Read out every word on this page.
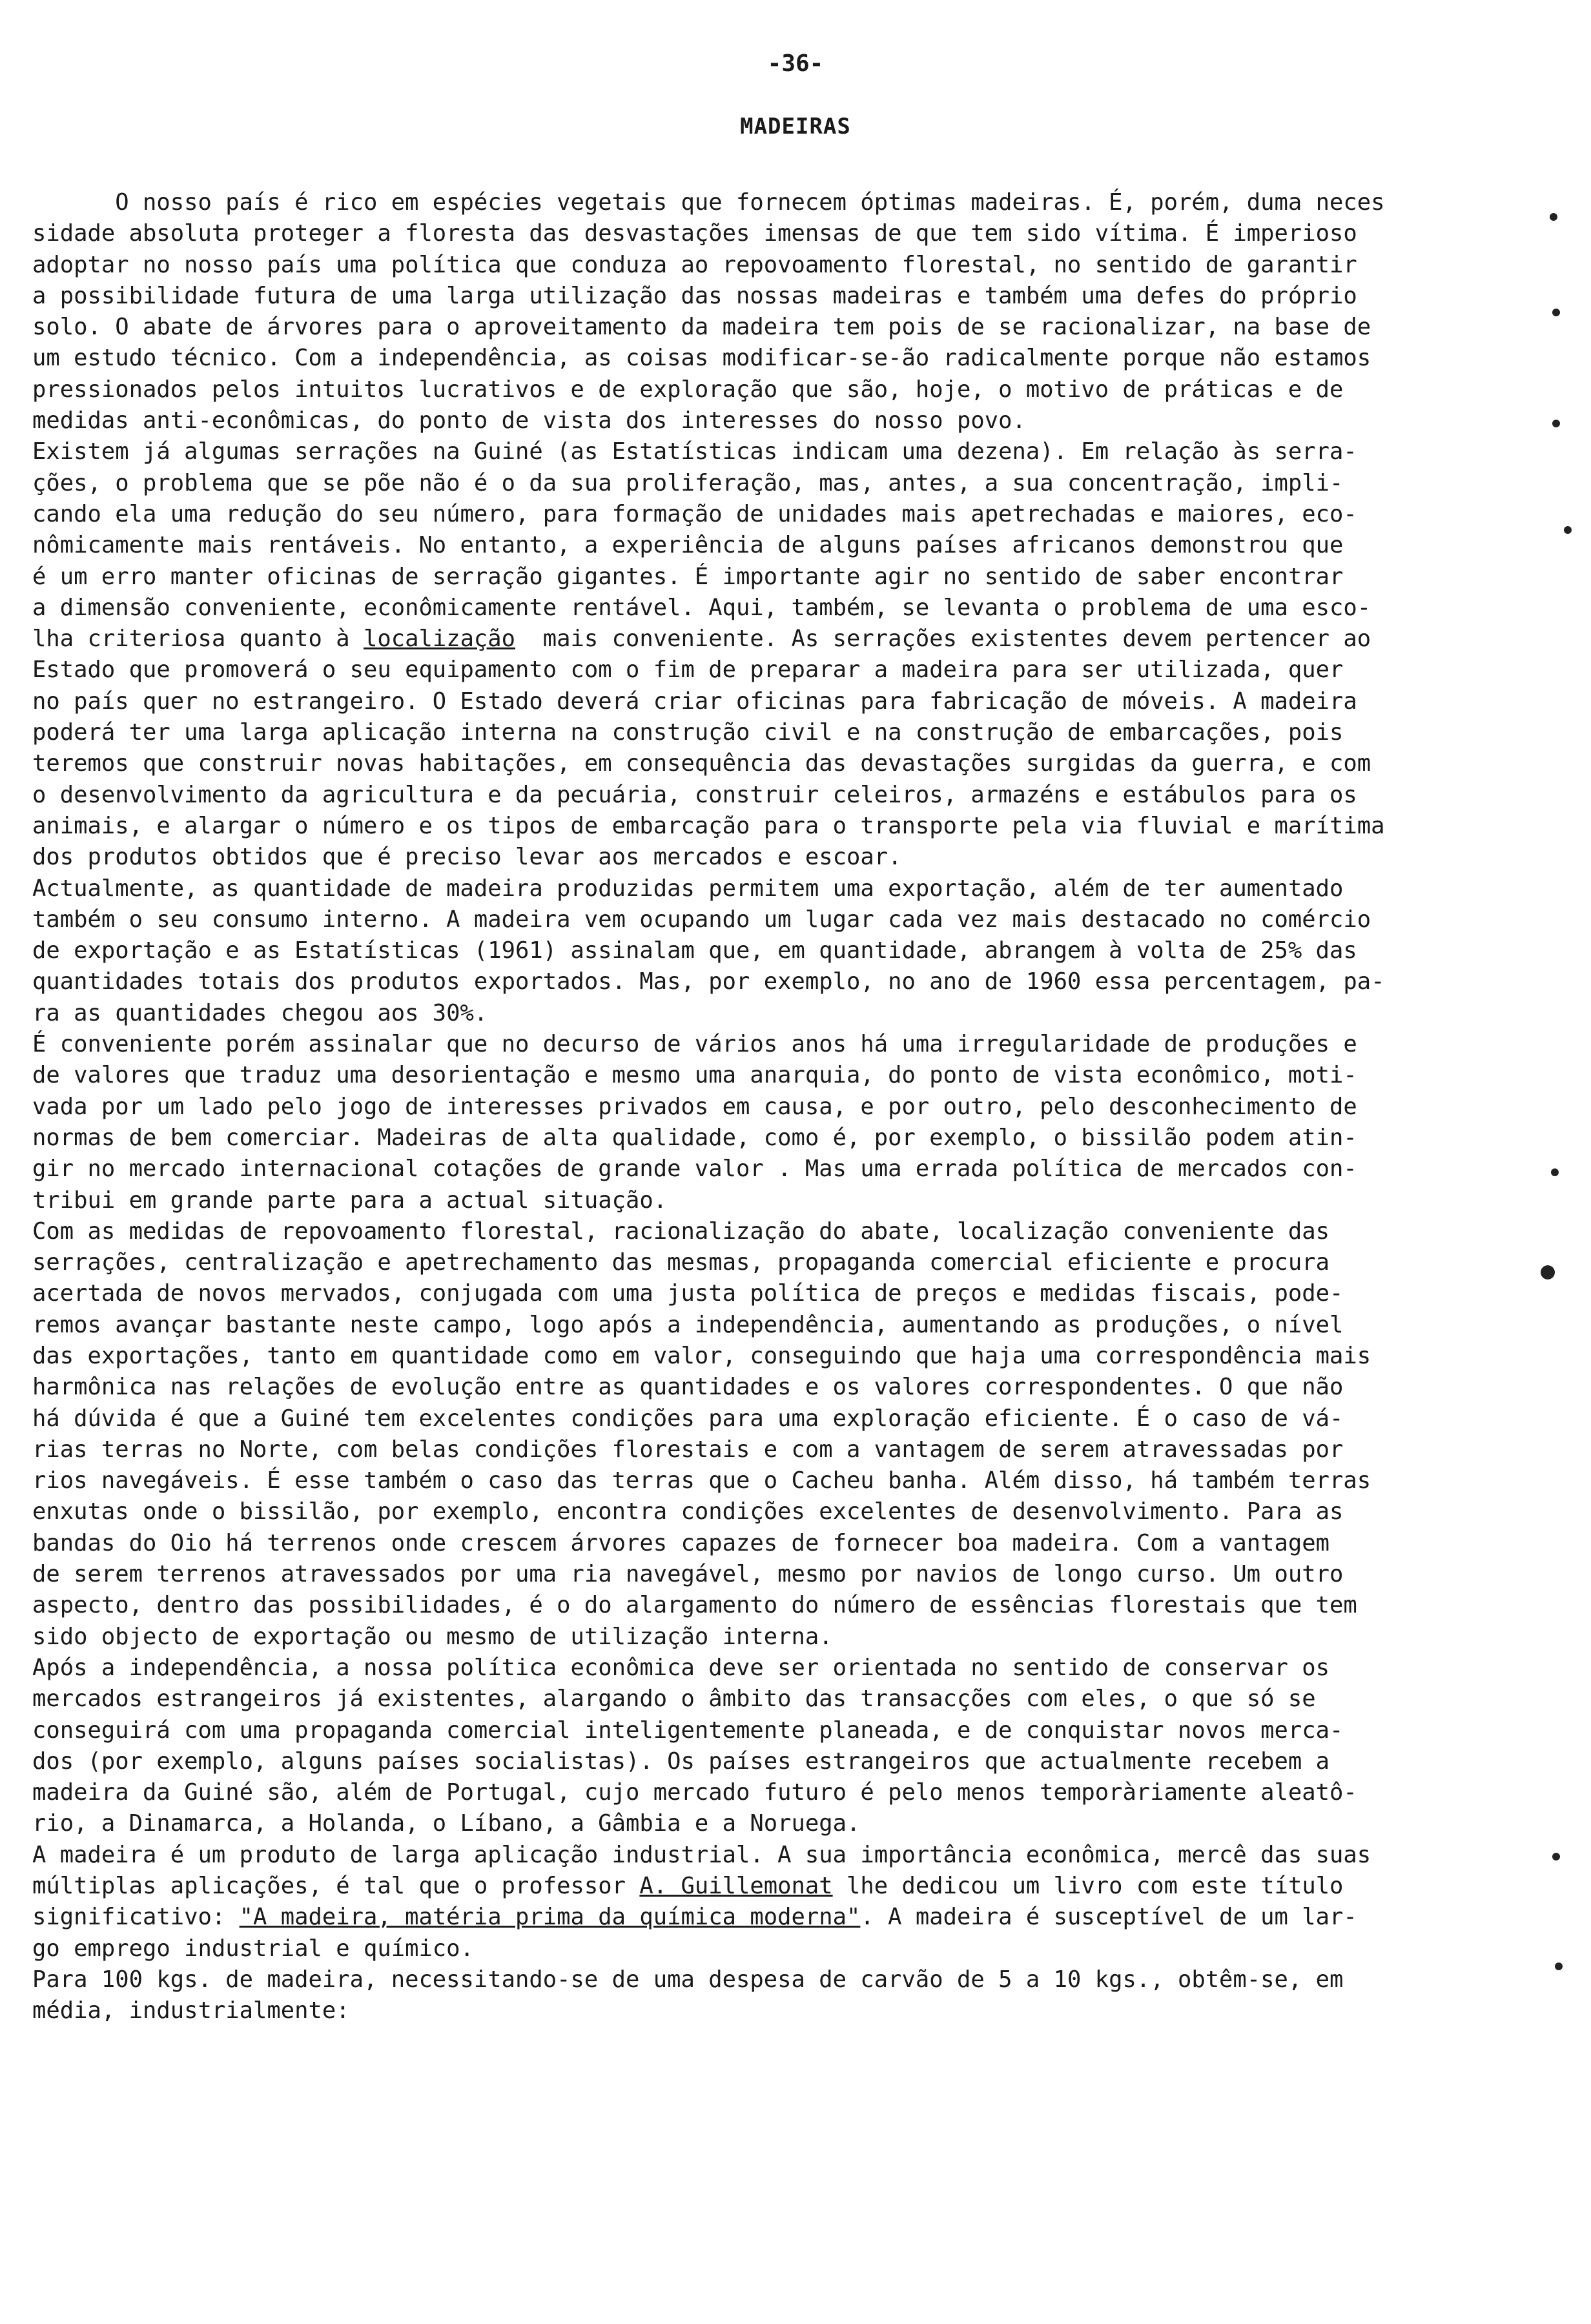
-36-
MADEIRAS
O nosso país é rico em espécies vegetais que fornecem óptimas madeiras. É, porém, duma neces
sidade absoluta proteger a floresta das desvastações imensas de que tem sido vítima. É imperioso
adoptar no nosso país uma política que conduza ao repovoamento florestal, no sentido de garantir
a possibilidade futura de uma larga utilização das nossas madeiras e também uma defes do próprio
solo. O abate de árvores para o aproveitamento da madeira tem pois de se racionalizar, na base de
um estudo técnico. Com a independência, as coisas modificar-se-ão radicalmente porque não estamos
pressionados pelos intuitos lucrativos e de exploração que são, hoje, o motivo de práticas e de
medidas anti-econômicas, do ponto de vista dos interesses do nosso povo.
Existem já algumas serrações na Guiné (as Estatísticas indicam uma dezena). Em relação às serra-
ções, o problema que se põe não é o da sua proliferação, mas, antes, a sua concentração, impli-
cando ela uma redução do seu número, para formação de unidades mais apetrechadas e maiores, eco-
nômicamente mais rentáveis. No entanto, a experiência de alguns países africanos demonstrou que
é um erro manter oficinas de serração gigantes. É importante agir no sentido de saber encontrar
a dimensão conveniente, econômicamente rentável. Aqui, também, se levanta o problema de uma esco-
lha criteriosa quanto à localização  mais conveniente. As serrações existentes devem pertencer ao
Estado que promoverá o seu equipamento com o fim de preparar a madeira para ser utilizada, quer
no país quer no estrangeiro. O Estado deverá criar oficinas para fabricação de móveis. A madeira
poderá ter uma larga aplicação interna na construção civil e na construção de embarcações, pois
teremos que construir novas habitações, em consequência das devastações surgidas da guerra, e com
o desenvolvimento da agricultura e da pecuária, construir celeiros, armazéns e estábulos para os
animais, e alargar o número e os tipos de embarcação para o transporte pela via fluvial e marítima
dos produtos obtidos que é preciso levar aos mercados e escoar.
Actualmente, as quantidade de madeira produzidas permitem uma exportação, além de ter aumentado
também o seu consumo interno. A madeira vem ocupando um lugar cada vez mais destacado no comércio
de exportação e as Estatísticas (1961) assinalam que, em quantidade, abrangem à volta de 25% das
quantidades totais dos produtos exportados. Mas, por exemplo, no ano de 1960 essa percentagem, pa-
ra as quantidades chegou aos 30%.
É conveniente porém assinalar que no decurso de vários anos há uma irregularidade de produções e
de valores que traduz uma desorientação e mesmo uma anarquia, do ponto de vista econômico, moti-
vada por um lado pelo jogo de interesses privados em causa, e por outro, pelo desconhecimento de
normas de bem comerciar. Madeiras de alta qualidade, como é, por exemplo, o bissilão podem atin-
gir no mercado internacional cotações de grande valor . Mas uma errada política de mercados con-
tribui em grande parte para a actual situação.
Com as medidas de repovoamento florestal, racionalização do abate, localização conveniente das
serrações, centralização e apetrechamento das mesmas, propaganda comercial eficiente e procura
acertada de novos mervados, conjugada com uma justa política de preços e medidas fiscais, pode-
remos avançar bastante neste campo, logo após a independência, aumentando as produções, o nível
das exportações, tanto em quantidade como em valor, conseguindo que haja uma correspondência mais
harmônica nas relações de evolução entre as quantidades e os valores correspondentes. O que não
há dúvida é que a Guiné tem excelentes condições para uma exploração eficiente. É o caso de vá-
rias terras no Norte, com belas condições florestais e com a vantagem de serem atravessadas por
rios navegáveis. É esse também o caso das terras que o Cacheu banha. Além disso, há também terras
enxutas onde o bissilão, por exemplo, encontra condições excelentes de desenvolvimento. Para as
bandas do Oio há terrenos onde crescem árvores capazes de fornecer boa madeira. Com a vantagem
de serem terrenos atravessados por uma ria navegável, mesmo por navios de longo curso. Um outro
aspecto, dentro das possibilidades, é o do alargamento do número de essências florestais que tem
sido objecto de exportação ou mesmo de utilização interna.
Após a independência, a nossa política econômica deve ser orientada no sentido de conservar os
mercados estrangeiros já existentes, alargando o âmbito das transacções com eles, o que só se
conseguirá com uma propaganda comercial inteligentemente planeada, e de conquistar novos merca-
dos (por exemplo, alguns países socialistas). Os países estrangeiros que actualmente recebem a
madeira da Guiné são, além de Portugal, cujo mercado futuro é pelo menos temporàriamente aleatô-
rio, a Dinamarca, a Holanda, o Líbano, a Gâmbia e a Noruega.
A madeira é um produto de larga aplicação industrial. A sua importância econômica, mercê das suas
múltiplas aplicações, é tal que o professor A. Guillemonat lhe dedicou um livro com este título
significativo: "A madeira, matéria prima da química moderna". A madeira é susceptível de um lar-
go emprego industrial e químico.
Para 100 kgs. de madeira, necessitando-se de uma despesa de carvão de 5 a 10 kgs., obtêm-se, em
média, industrialmente:
